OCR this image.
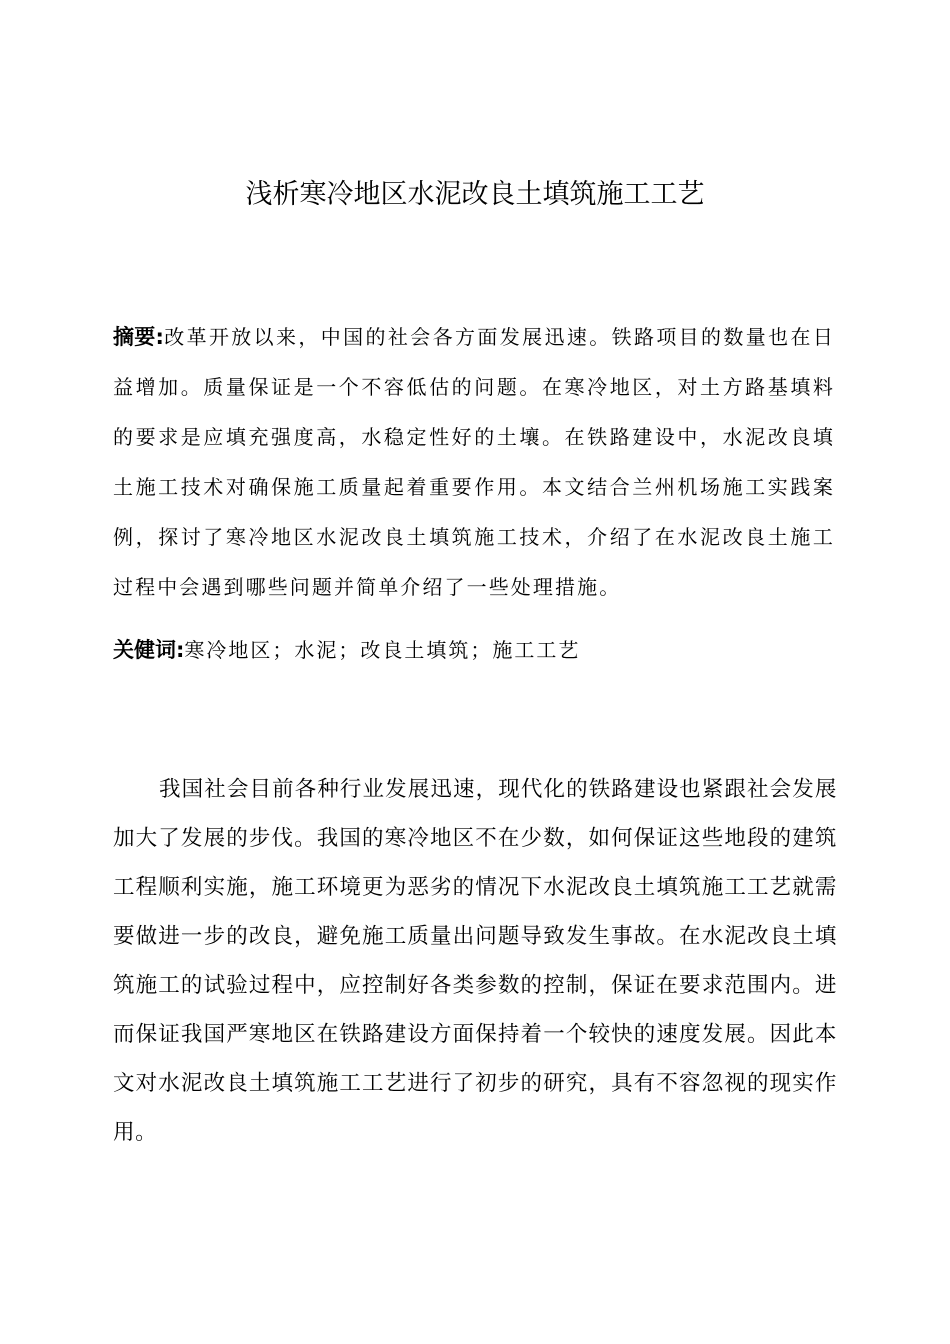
浅析寒冷地区水泥改良土填筑施工工艺

摘要:改革开放以来，中国的社会各方面发展迅速。铁路项目的数量也在日益增加。质量保证是一个不容低估的问题。在寒冷地区，对土方路基填料的要求是应填充强度高，水稳定性好的土壤。在铁路建设中，水泥改良填土施工技术对确保施工质量起着重要作用。本文结合兰州机场施工实践案例，探讨了寒冷地区水泥改良土填筑施工技术，介绍了在水泥改良土施工过程中会遇到哪些问题并简单介绍了一些处理措施。

关健词:寒冷地区；水泥；改良土填筑；施工工艺

我国社会目前各种行业发展迅速，现代化的铁路建设也紧跟社会发展加大了发展的步伐。我国的寒冷地区不在少数，如何保证这些地段的建筑工程顺利实施，施工环境更为恶劣的情况下水泥改良土填筑施工工艺就需要做进一步的改良，避免施工质量出问题导致发生事故。在水泥改良土填筑施工的试验过程中，应控制好各类参数的控制，保证在要求范围内。进而保证我国严寒地区在铁路建设方面保持着一个较快的速度发展。因此本文对水泥改良土填筑施工工艺进行了初步的研究，具有不容忽视的现实作用。
